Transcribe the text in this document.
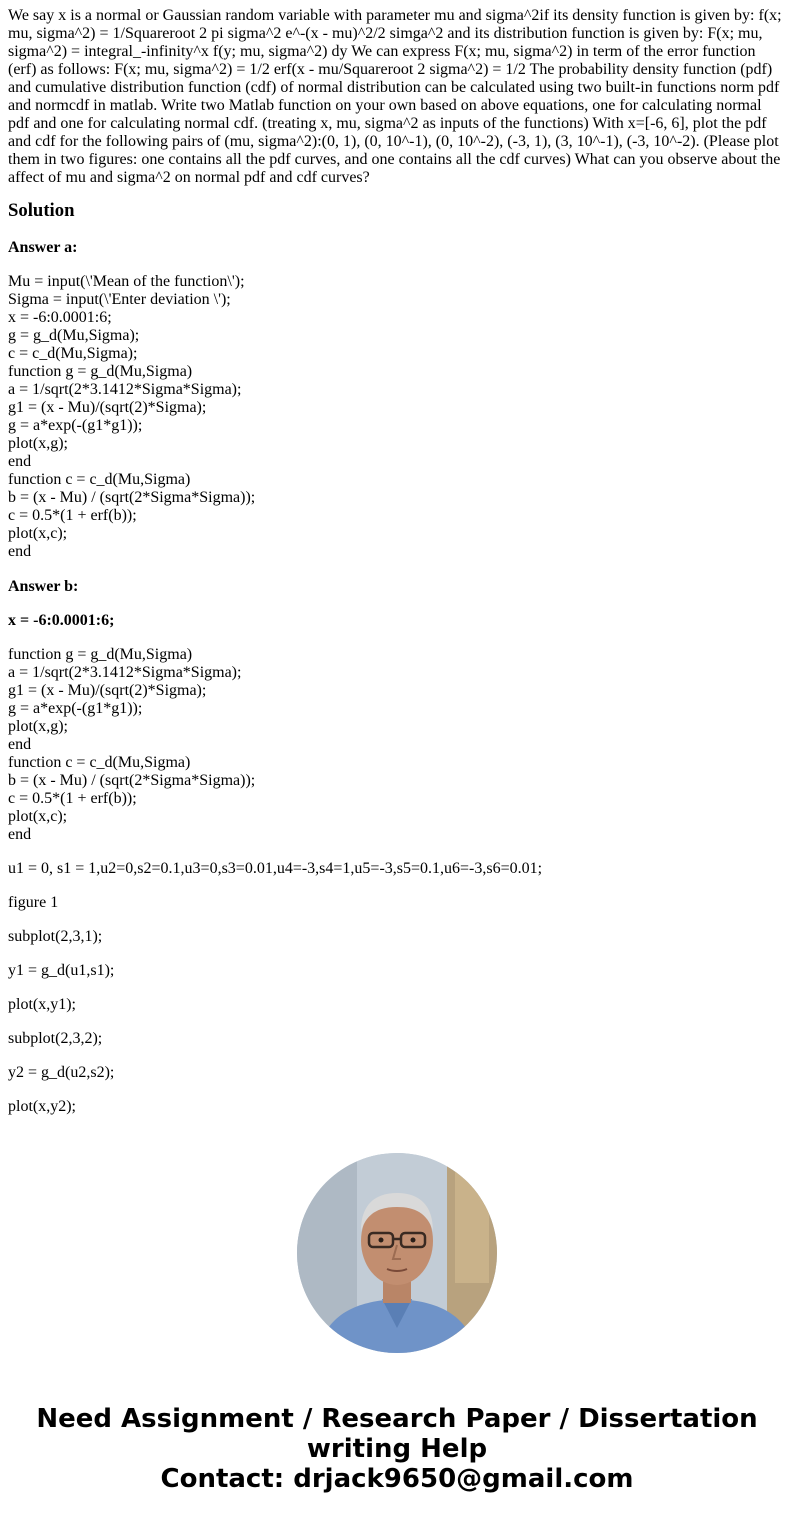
We say x is a normal or Gaussian random variable with parameter mu and sigma^2if its density function is given by: f(x; mu, sigma^2) = 1/Squareroot 2 pi sigma^2 e^-(x - mu)^2/2 simga^2 and its distribution function is given by: F(x; mu, sigma^2) = integral_-infinity^x f(y; mu, sigma^2) dy We can express F(x; mu, sigma^2) in term of the error function (erf) as follows: F(x; mu, sigma^2) = 1/2 erf(x - mu/Squareroot 2 sigma^2) = 1/2 The probability density function (pdf) and cumulative distribution function (cdf) of normal distribution can be calculated using two built-in functions norm pdf and normcdf in matlab. Write two Matlab function on your own based on above equations, one for calculating normal pdf and one for calculating normal cdf. (treating x, mu, sigma^2 as inputs of the functions) With x=[-6, 6], plot the pdf and cdf for the following pairs of (mu, sigma^2):(0, 1), (0, 10^-1), (0, 10^-2), (-3, 1), (3, 10^-1), (-3, 10^-2). (Please plot them in two figures: one contains all the pdf curves, and one contains all the cdf curves) What can you observe about the affect of mu and sigma^2 on normal pdf and cdf curves?

Solution

Answer a:

Mu = input(\'Mean of the function\');
Sigma = input(\'Enter deviation \');
x = -6:0.0001:6;
g = g_d(Mu,Sigma);
c = c_d(Mu,Sigma);
function g = g_d(Mu,Sigma)
a = 1/sqrt(2*3.1412*Sigma*Sigma);
g1 = (x - Mu)/(sqrt(2)*Sigma);
g = a*exp(-(g1*g1));
plot(x,g);
end
function c = c_d(Mu,Sigma)
b = (x - Mu) / (sqrt(2*Sigma*Sigma));
c = 0.5*(1 + erf(b));
plot(x,c);
end

Answer b:

x = -6:0.0001:6;

function g = g_d(Mu,Sigma)
a = 1/sqrt(2*3.1412*Sigma*Sigma);
g1 = (x - Mu)/(sqrt(2)*Sigma);
g = a*exp(-(g1*g1));
plot(x,g);
end
function c = c_d(Mu,Sigma)
b = (x - Mu) / (sqrt(2*Sigma*Sigma));
c = 0.5*(1 + erf(b));
plot(x,c);
end

u1 = 0, s1 = 1,u2=0,s2=0.1,u3=0,s3=0.01,u4=-3,s4=1,u5=-3,s5=0.1,u6=-3,s6=0.01;

figure 1

subplot(2,3,1);

y1 = g_d(u1,s1);

plot(x,y1);

subplot(2,3,2);

y2 = g_d(u2,s2);

plot(x,y2);

Need Assignment / Research Paper / Dissertation
writing Help
Contact: drjack9650@gmail.com
